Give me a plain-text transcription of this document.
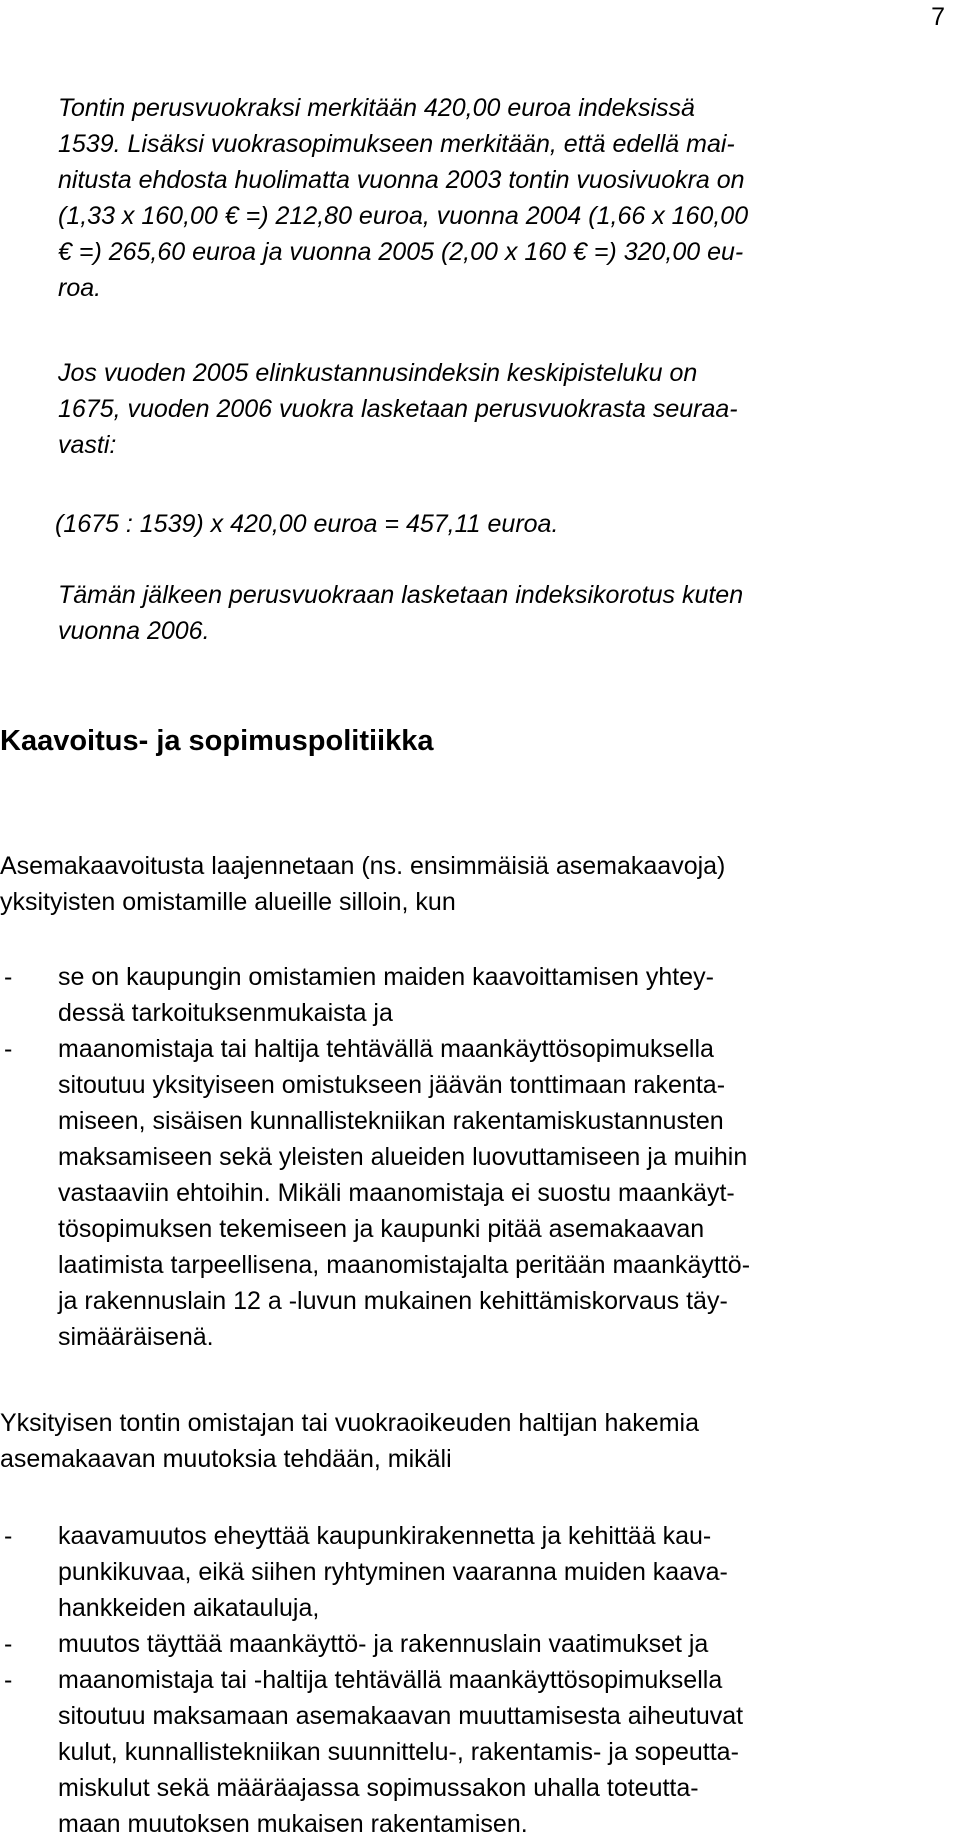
7

Tontin perusvuokraksi merkitään 420,00 euroa indeksissä
1539. Lisäksi vuokrasopimukseen merkitään, että edellä mai-
nitusta ehdosta huolimatta vuonna 2003 tontin vuosivuokra on
(1,33 x 160,00 € =) 212,80 euroa, vuonna 2004 (1,66 x 160,00
€ =) 265,60 euroa ja vuonna 2005 (2,00 x 160 € =) 320,00 eu-
roa.

Jos vuoden 2005 elinkustannusindeksin keskipisteluku on
1675, vuoden 2006 vuokra lasketaan perusvuokrasta seuraa-
vasti:

(1675 : 1539) x 420,00 euroa = 457,11 euroa.

Tämän jälkeen perusvuokraan lasketaan indeksikorotus kuten
vuonna 2006.

Kaavoitus- ja sopimuspolitiikka

Asemakaavoitusta laajennetaan (ns. ensimmäisiä asemakaavoja)
yksityisten omistamille alueille silloin, kun

- se on kaupungin omistamien maiden kaavoittamisen yhtey-
dessä tarkoituksenmukaista ja
- maanomistaja tai haltija tehtävällä maankäyttösopimuksella
sitoutuu yksityiseen omistukseen jäävän tonttimaan rakenta-
miseen, sisäisen kunnallistekniikan rakentamiskustannusten
maksamiseen sekä yleisten alueiden luovuttamiseen ja muihin
vastaaviin ehtoihin. Mikäli maanomistaja ei suostu maankäyt-
tösopimuksen tekemiseen ja kaupunki pitää asemakaavan
laatimista tarpeellisena, maanomistajalta peritään maankäyttö-
ja rakennuslain 12 a -luvun mukainen kehittämiskorvaus täy-
simääräisenä.

Yksityisen tontin omistajan tai vuokraoikeuden haltijan hakemia
asemakaavan muutoksia tehdään, mikäli

- kaavamuutos eheyttää kaupunkirakennetta ja kehittää kau-
punkikuvaa, eikä siihen ryhtyminen vaaranna muiden kaava-
hankkeiden aikatauluja,
- muutos täyttää maankäyttö- ja rakennuslain vaatimukset ja
- maanomistaja tai -haltija tehtävällä maankäyttösopimuksella
sitoutuu maksamaan asemakaavan muuttamisesta aiheutuvat
kulut, kunnallistekniikan suunnittelu-, rakentamis- ja sopeutta-
miskulut sekä määräajassa sopimussakon uhalla toteutta-
maan muutoksen mukaisen rakentamisen.
